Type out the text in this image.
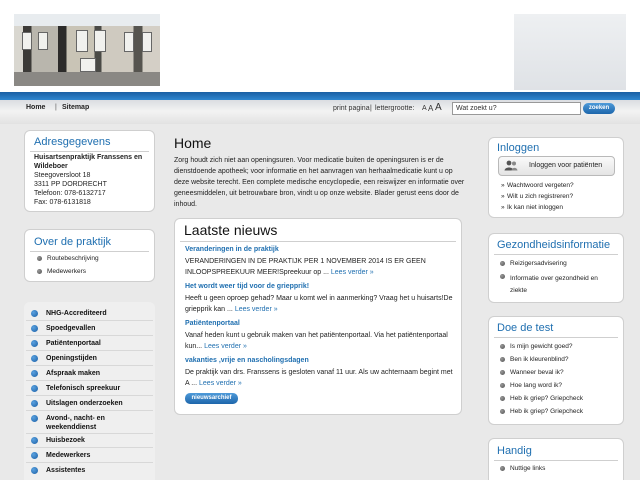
Home | Sitemap	print pagina | lettergrootte: A A A
Wat zoekt u?	zoeken
Adresgegevens
Huisartsenpraktijk Franssens en Wildeboer
Steegoversloot 18
3311 PP DORDRECHT
Telefoon: 078-6132717
Fax: 078-6131818
Over de praktijk
Routebeschrijving
Medewerkers
NHG-Accrediteerd
Spoedgevallen
Patiëntenportaal
Openingstijden
Afspraak maken
Telefonisch spreekuur
Uitslagen onderzoeken
Avond-, nacht- en weekenddienst
Huisbezoek
Medewerkers
Assistentes
Home
Zorg houdt zich niet aan openingsuren. Voor medicatie buiten de openingsuren is er de dienstdoende apotheek; voor informatie en het aanvragen van herhaalmedicatie kunt u op deze website terecht. Een complete medische encyclopedie, een reiswijzer en informatie over geneesmiddelen, uit betrouwbare bron, vindt u op onze website. Blader gerust eens door de inhoud.
Laatste nieuws
Veranderingen in de praktijk
VERANDERINGEN IN DE PRAKTIJK PER 1 NOVEMBER 2014 IS ER GEEN INLOOPSPREEKUUR MEER!Spreekuur op ... Lees verder »
Het wordt weer tijd voor de griepprik!
Heeft u geen oproep gehad? Maar u komt wel in aanmerking? Vraag het u huisarts!De griepprik kan ... Lees verder »
Patiëntenportaal
Vanaf heden kunt u gebruik maken van het patiëntenportaal. Via het patiëntenportaal kun... Lees verder »
vakanties ,vrije en nascholingsdagen
De praktijk van drs. Franssens is gesloten vanaf 11 uur. Als uw achternaam begint met A ... Lees verder »
nieuwsarchief
Inloggen
Inloggen voor patiënten
» Wachtwoord vergeten?
» Wilt u zich registreren?
» Ik kan niet inloggen
Gezondheidsinformatie
Reizigersadvisering
Informatie over gezondheid en ziekte
Doe de test
Is mijn gewicht goed?
Ben ik kleurenblind?
Wanneer beval ik?
Hoe lang word ik?
Heb ik griep? Griepcheck
Heb ik griep? Griepcheck
Handig
Nuttige links
